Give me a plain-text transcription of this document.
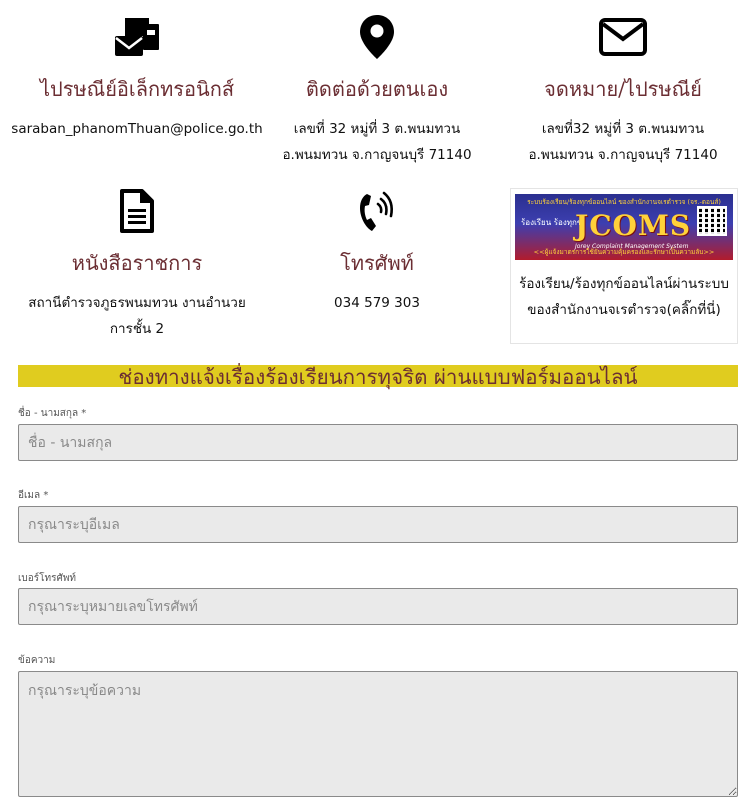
ไปรษณีย์อิเล็กทรอนิกส์
saraban_phanomThuan@police.go.th
ติดต่อด้วยตนเอง
เลขที่ 32 หมู่ที่ 3 ต.พนมทวน
อ.พนมทวน จ.กาญจนบุรี 71140
จดหมาย/ไปรษณีย์
เลขที่32 หมู่ที่ 3 ต.พนมทวน
อ.พนมทวน จ.กาญจนบุรี 71140
หนังสือราชการ
สถานีตำรวจภูธรพนมทวน งานอำนวย
การชั้น 2
โทรศัพท์
034 579 303
ระบบร้องเรียน/ร้องทุกข์ออนไลน์ ของสำนักงานจเรตำรวจ (จร.-ตอนส์)
ร้องเรียน ร้องทุกข์
JCOMS
Jorey Complaint Management System
<<ผู้แจ้งมาตรการใช้ยันความคุ้มครองและรักษาเป็นความลับ>>
ร้องเรียน/ร้องทุกข์ออนไลน์ผ่านระบบ
ของสำนักงานจเรตำรวจ(คลิ๊กที่นี่)
ช่องทางแจ้งเรื่องร้องเรียนการทุจริต ผ่านแบบฟอร์มออนไลน์
ชื่อ - นามสกุล *
ชื่อ - นามสกุล
อีเมล *
กรุณาระบุอีเมล
เบอร์โทรศัพท์
กรุณาระบุหมายเลขโทรศัพท์
ข้อความ
กรุณาระบุข้อความ
